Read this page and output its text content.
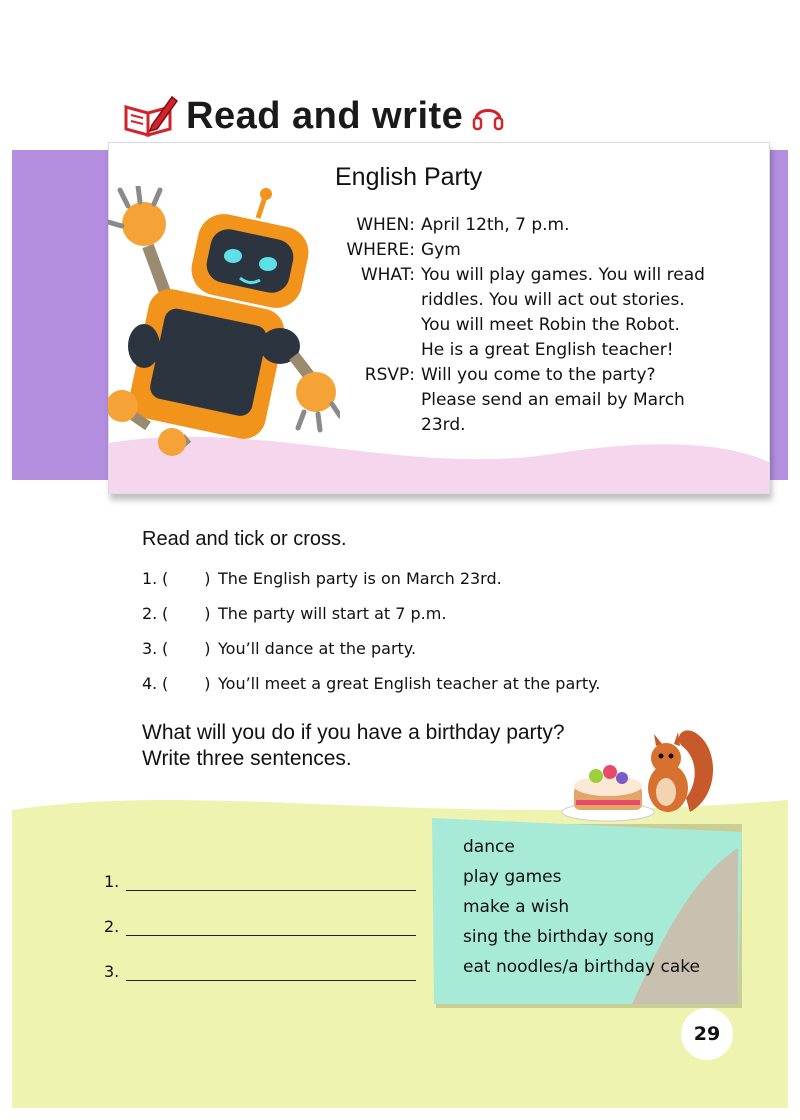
Read and write
English Party
WHEN: April 12th, 7 p.m.
WHERE: Gym
WHAT: You will play games. You will read
riddles. You will act out stories.
You will meet Robin the Robot.
He is a great English teacher!
RSVP: Will you come to the party?
Please send an email by March
23rd.
Read and tick or cross.
1. ( ) The English party is on March 23rd.
2. ( ) The party will start at 7 p.m.
3. ( ) You’ll dance at the party.
4. ( ) You’ll meet a great English teacher at the party.
What will you do if you have a birthday party?
Write three sentences.
1.
2.
3.
dance
play games
make a wish
sing the birthday song
eat noodles/a birthday cake
29
